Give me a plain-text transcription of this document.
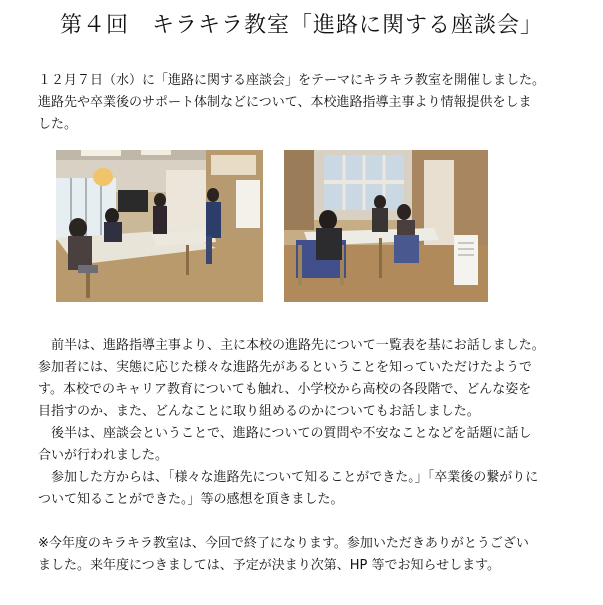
第４回　キラキラ教室「進路に関する座談会」
１２月７日（水）に「進路に関する座談会」をテーマにキラキラ教室を開催しました。
進路先や卒業後のサポート体制などについて、本校進路指導主事より情報提供をしま
した。
　前半は、進路指導主事より、主に本校の進路先について一覧表を基にお話しました。
参加者には、実態に応じた様々な進路先があるということを知っていただけたようで
す。本校でのキャリア教育についても触れ、小学校から高校の各段階で、どんな姿を
目指すのか、また、どんなことに取り組めるのかについてもお話しました。
　後半は、座談会ということで、進路についての質問や不安なことなどを話題に話し
合いが行われました。
　参加した方からは、「様々な進路先について知ることができた。」「卒業後の繋がりに
ついて知ることができた。」等の感想を頂きました。
※今年度のキラキラ教室は、今回で終了になります。参加いただきありがとうござい
ました。来年度につきましては、予定が決まり次第、HP 等でお知らせします。
